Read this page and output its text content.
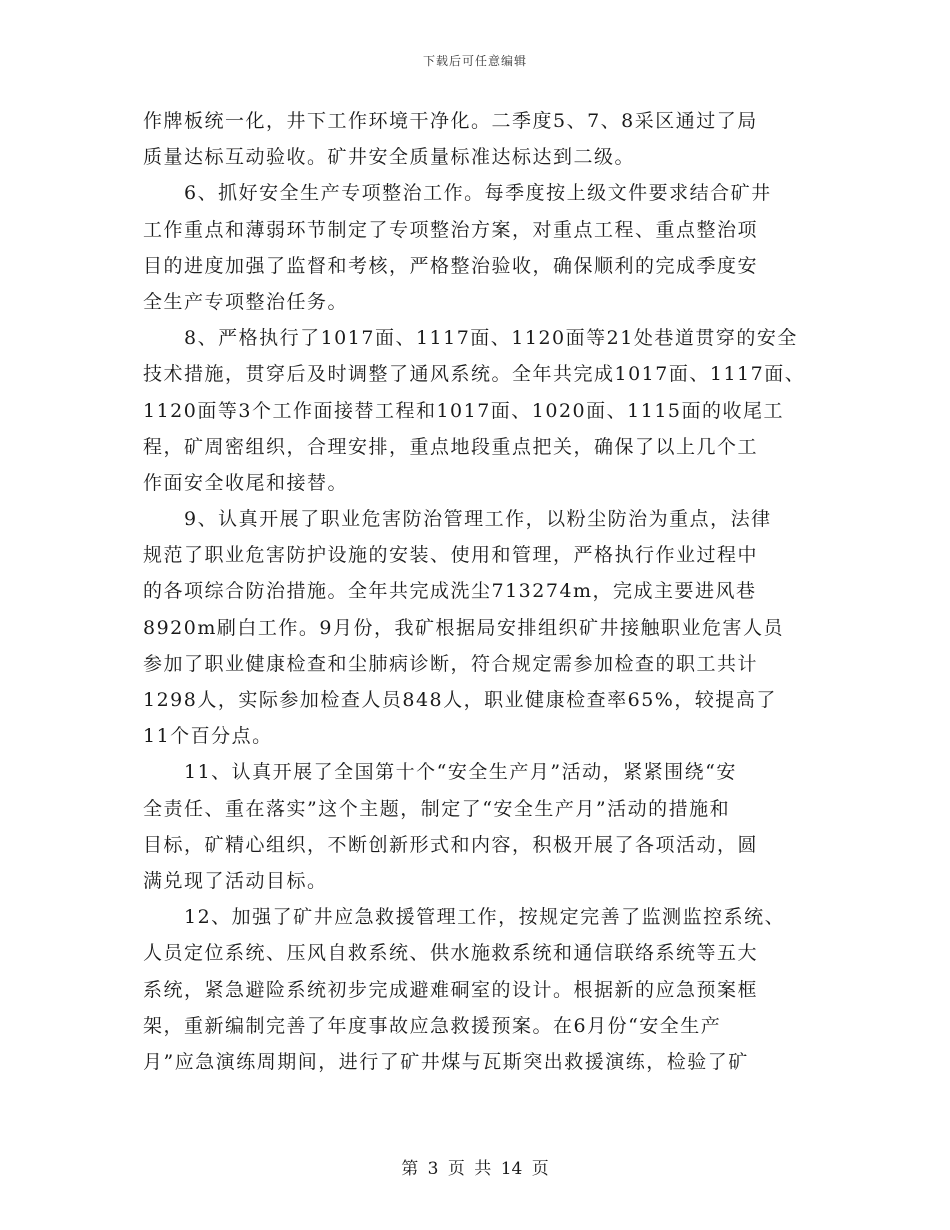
下载后可任意编辑
作牌板统一化，井下工作环境干净化。二季度5、7、8采区通过了局
质量达标互动验收。矿井安全质量标准达标达到二级。
　　6、抓好安全生产专项整治工作。每季度按上级文件要求结合矿井
工作重点和薄弱环节制定了专项整治方案，对重点工程、重点整治项
目的进度加强了监督和考核，严格整治验收，确保顺利的完成季度安
全生产专项整治任务。
　　8、严格执行了1017面、1117面、1120面等21处巷道贯穿的安全
技术措施，贯穿后及时调整了通风系统。全年共完成1017面、1117面、
1120面等3个工作面接替工程和1017面、1020面、1115面的收尾工
程，矿周密组织，合理安排，重点地段重点把关，确保了以上几个工
作面安全收尾和接替。
　　9、认真开展了职业危害防治管理工作，以粉尘防治为重点，法律
规范了职业危害防护设施的安装、使用和管理，严格执行作业过程中
的各项综合防治措施。全年共完成洗尘713274m，完成主要进风巷
8920m刷白工作。9月份，我矿根据局安排组织矿井接触职业危害人员
参加了职业健康检查和尘肺病诊断，符合规定需参加检查的职工共计
1298人，实际参加检查人员848人，职业健康检查率65%，较提高了
11个百分点。
　　11、认真开展了全国第十个“安全生产月”活动，紧紧围绕“安
全责任、重在落实”这个主题，制定了“安全生产月”活动的措施和
目标，矿精心组织，不断创新形式和内容，积极开展了各项活动，圆
满兑现了活动目标。
　　12、加强了矿井应急救援管理工作，按规定完善了监测监控系统、
人员定位系统、压风自救系统、供水施救系统和通信联络系统等五大
系统，紧急避险系统初步完成避难硐室的设计。根据新的应急预案框
架，重新编制完善了年度事故应急救援预案。在6月份“安全生产
月”应急演练周期间，进行了矿井煤与瓦斯突出救援演练，检验了矿
第 3 页 共 14 页
